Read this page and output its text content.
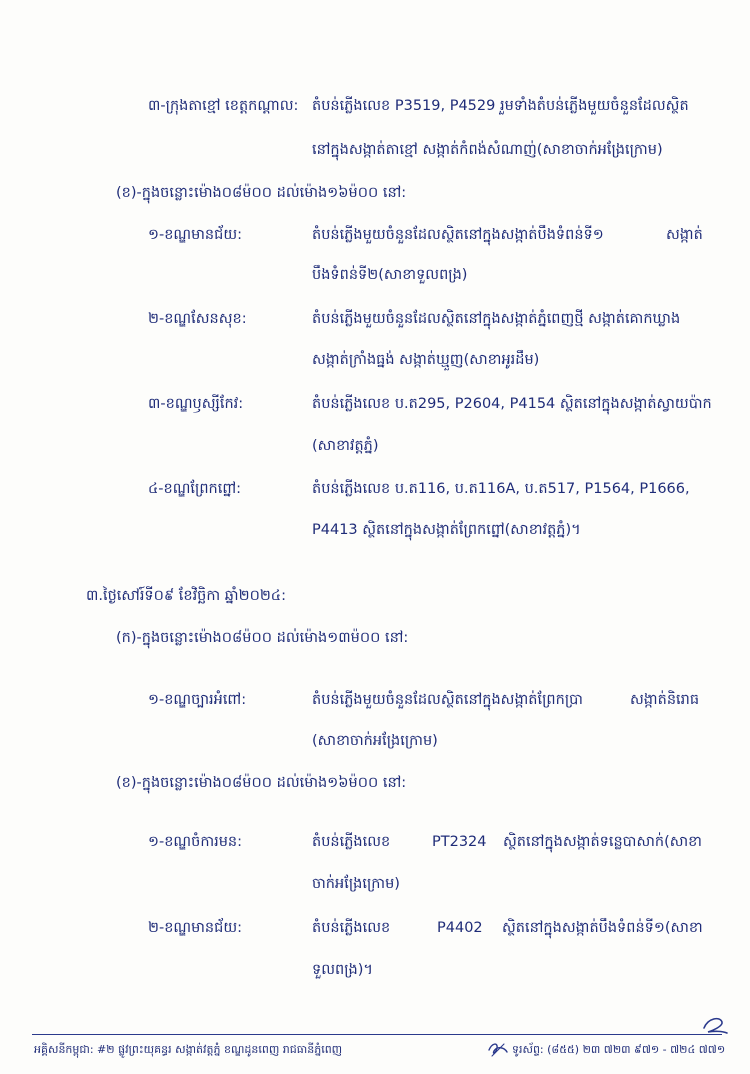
៣-ក្រុងតាខ្មៅ ខេត្តកណ្ដាល: តំបន់ភ្លើងលេខ P3519, P4529 រួមទាំងតំបន់ភ្លើងមួយចំនួនដែលស្ថិត
នៅក្នុងសង្កាត់តាខ្មៅ សង្កាត់កំពង់សំណាញ់(សាខាចាក់អង្រែក្រោម)
(ខ)-ក្នុងចន្លោះម៉ោង០៨ម៉០០ ដល់ម៉ោង១៦ម៉០០ នៅ:
១-ខណ្ឌមានជ័យ:	តំបន់ភ្លើងមួយចំនួនដែលស្ថិតនៅក្នុងសង្កាត់បឹងទំពន់ទី១	សង្កាត់
បឹងទំពន់ទី២(សាខាទួលពង្រ)
២-ខណ្ឌសែនសុខ:	តំបន់ភ្លើងមួយចំនួនដែលស្ថិតនៅក្នុងសង្កាត់ភ្នំពេញថ្មី សង្កាត់គោកឃ្លាង
សង្កាត់ក្រាំងធ្នង់ សង្កាត់ឃ្មួញ(សាខាអូរដឹម)
៣-ខណ្ឌឫស្សីកែវ:	តំបន់ភ្លើងលេខ ប.ត295, P2604, P4154 ស្ថិតនៅក្នុងសង្កាត់ស្វាយប៉ាក
(សាខាវត្តភ្នំ)
៤-ខណ្ឌព្រែកព្នៅ:	តំបន់ភ្លើងលេខ ប.ត116, ប.ត116A, ប.ត517, P1564, P1666,
P4413 ស្ថិតនៅក្នុងសង្កាត់ព្រែកព្នៅ(សាខាវត្តភ្នំ)។
៣.ថ្ងៃសៅរ៍ទី០៩ ខែវិច្ឆិកា ឆ្នាំ២០២៤:
(ក)-ក្នុងចន្លោះម៉ោង០៨ម៉០០ ដល់ម៉ោង១៣ម៉០០ នៅ:
១-ខណ្ឌច្បារអំពៅ:	តំបន់ភ្លើងមួយចំនួនដែលស្ថិតនៅក្នុងសង្កាត់ព្រែកប្រា	សង្កាត់និរោធ
(សាខាចាក់អង្រែក្រោម)
(ខ)-ក្នុងចន្លោះម៉ោង០៨ម៉០០ ដល់ម៉ោង១៦ម៉០០ នៅ:
១-ខណ្ឌចំការមន:	តំបន់ភ្លើងលេខ	PT2324 ស្ថិតនៅក្នុងសង្កាត់ទន្លេបាសាក់(សាខា
ចាក់អង្រែក្រោម)
២-ខណ្ឌមានជ័យ:	តំបន់ភ្លើងលេខ	P4402 ស្ថិតនៅក្នុងសង្កាត់បឹងទំពន់ទី១(សាខា
ទួលពង្រ)។
អគ្គិសនីកម្ពុជា: #២ ផ្លូវព្រះយុគន្ធរ សង្កាត់វត្តភ្នំ ខណ្ឌដូនពេញ រាជធានីភ្នំពេញ	ទូរស័ព្ទ: (៨៥៥) ២៣ ៧២៣ ៩៧១ - ៧២៤ ៧៧១
